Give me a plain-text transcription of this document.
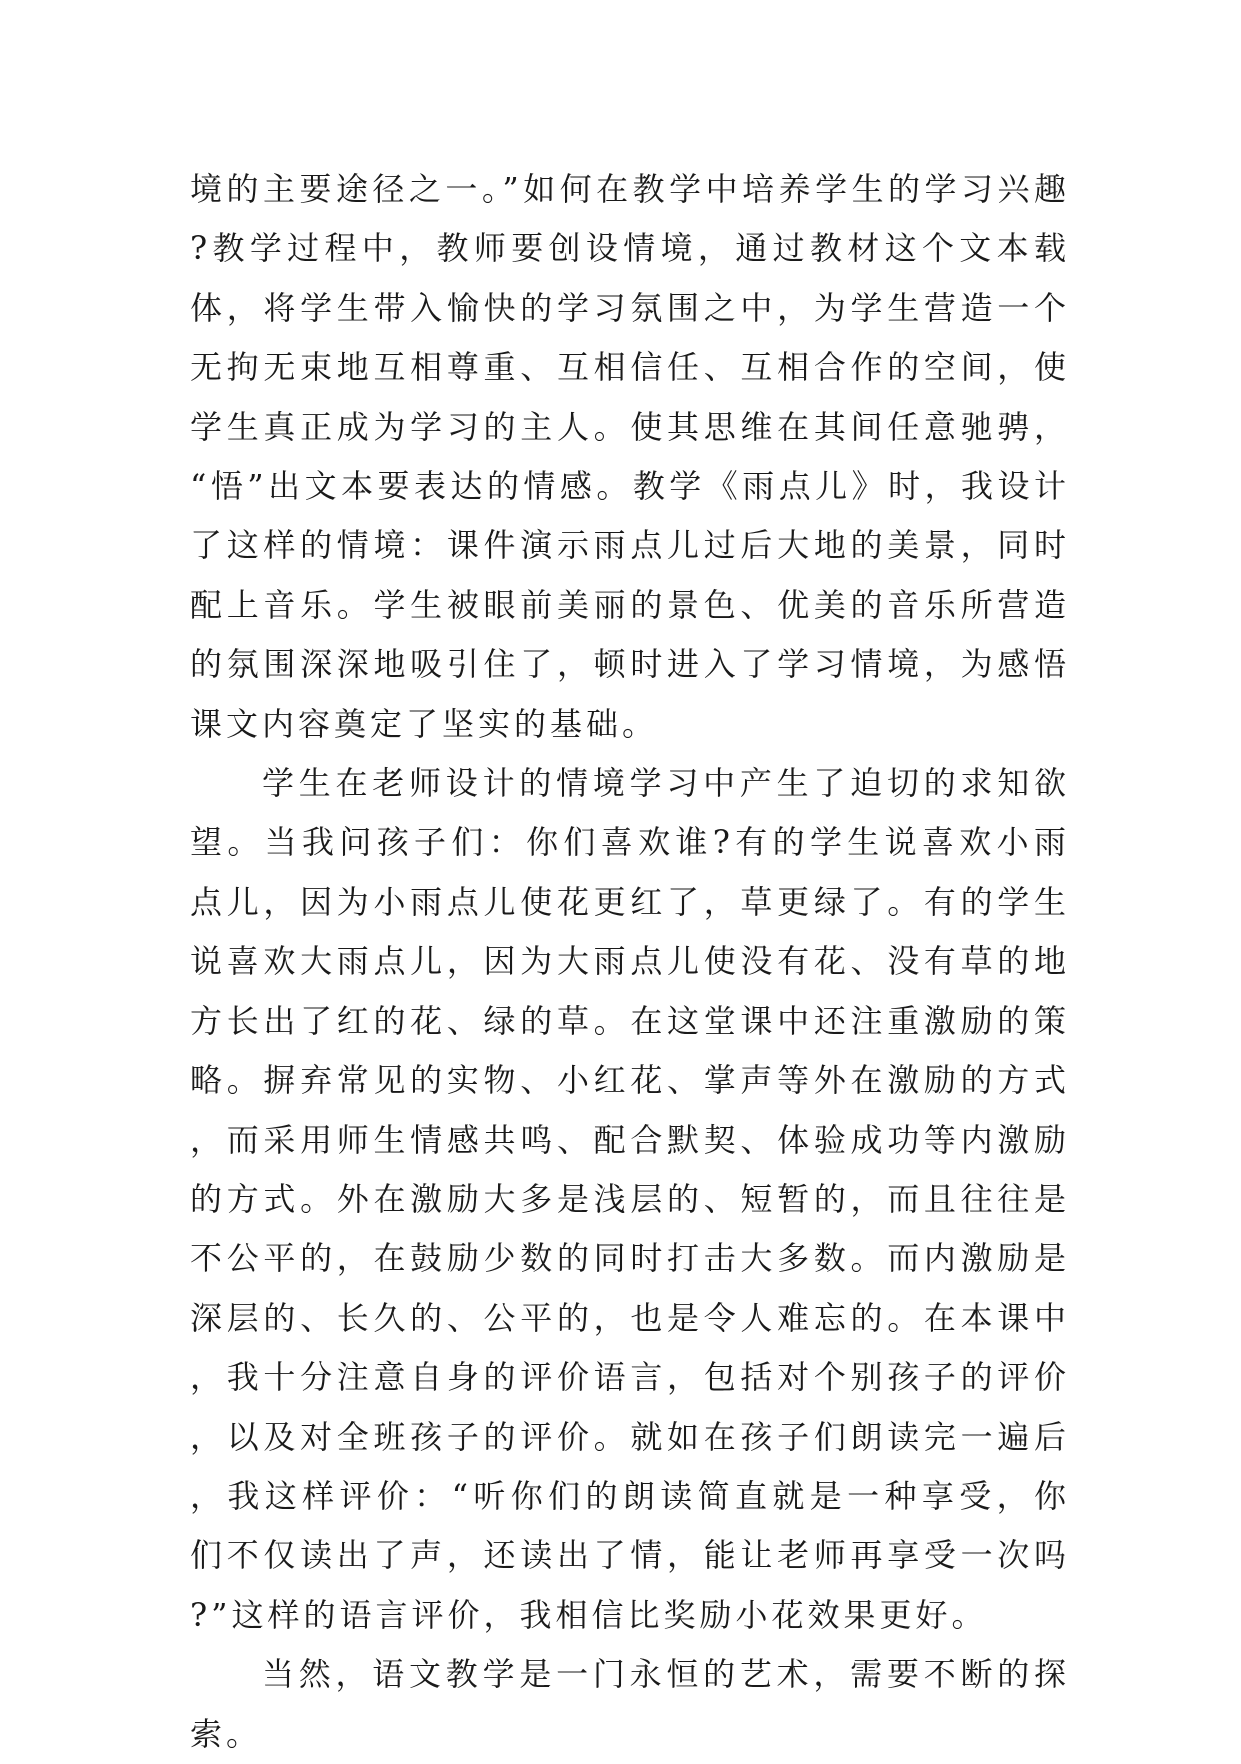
境的主要途径之一。”如何在教学中培养学生的学习兴趣?教学过程中，教师要创设情境，通过教材这个文本载体，将学生带入愉快的学习氛围之中，为学生营造一个无拘无束地互相尊重、互相信任、互相合作的空间，使学生真正成为学习的主人。使其思维在其间任意驰骋，“悟”出文本要表达的情感。教学《雨点儿》时，我设计了这样的情境：课件演示雨点儿过后大地的美景，同时配上音乐。学生被眼前美丽的景色、优美的音乐所营造的氛围深深地吸引住了，顿时进入了学习情境，为感悟课文内容奠定了坚实的基础。

学生在老师设计的情境学习中产生了迫切的求知欲望。当我问孩子们：你们喜欢谁?有的学生说喜欢小雨点儿，因为小雨点儿使花更红了，草更绿了。有的学生说喜欢大雨点儿，因为大雨点儿使没有花、没有草的地方长出了红的花、绿的草。在这堂课中还注重激励的策略。摒弃常见的实物、小红花、掌声等外在激励的方式，而采用师生情感共鸣、配合默契、体验成功等内激励的方式。外在激励大多是浅层的、短暂的，而且往往是不公平的，在鼓励少数的同时打击大多数。而内激励是深层的、长久的、公平的，也是令人难忘的。在本课中，我十分注意自身的评价语言，包括对个别孩子的评价，以及对全班孩子的评价。就如在孩子们朗读完一遍后，我这样评价：“听你们的朗读简直就是一种享受，你们不仅读出了声，还读出了情，能让老师再享受一次吗?”这样的语言评价，我相信比奖励小花效果更好。

当然，语文教学是一门永恒的艺术，需要不断的探索。
